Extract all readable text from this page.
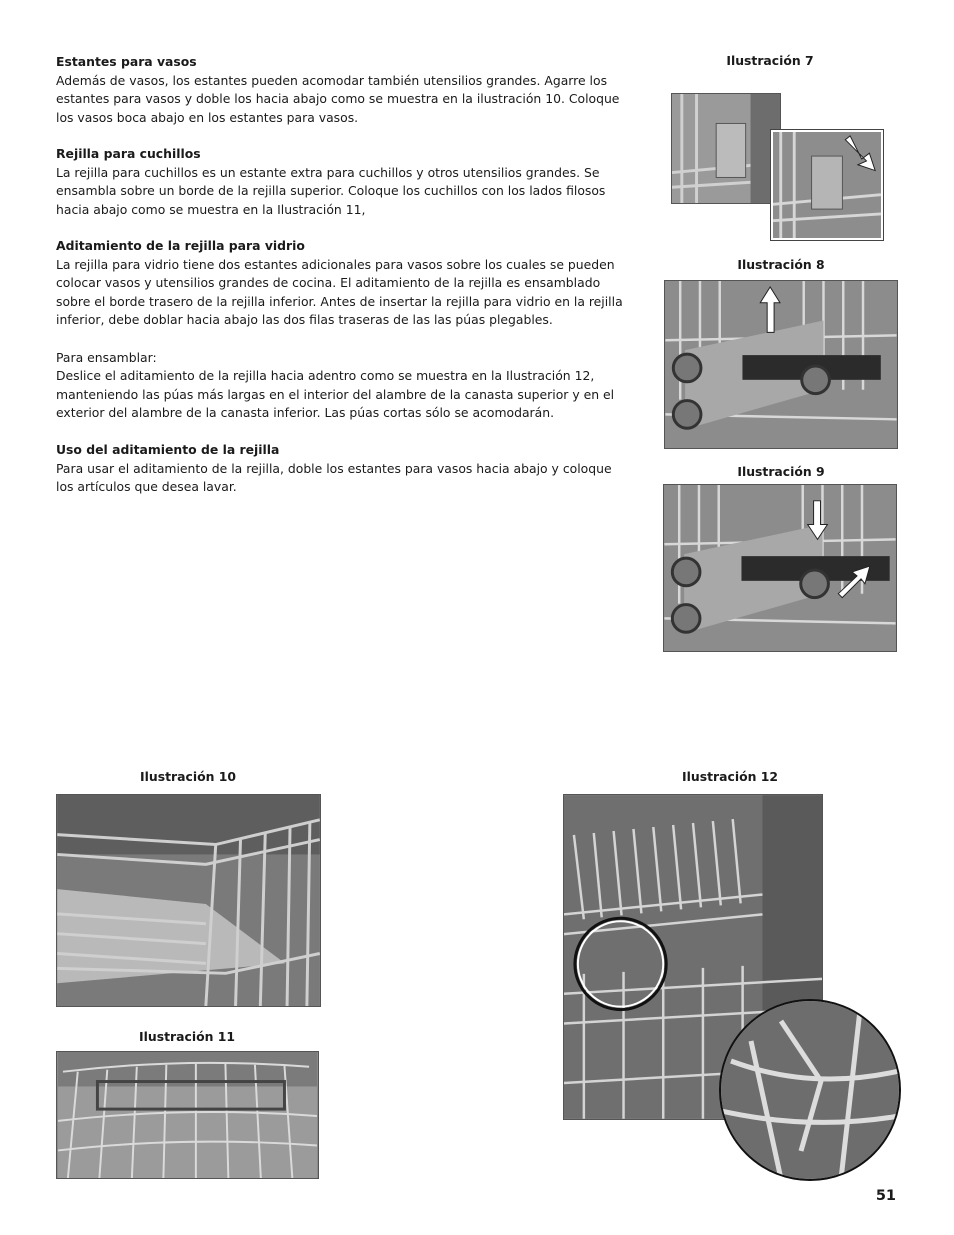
Estantes para vasos

Además de vasos, los estantes pueden acomodar también utensilios grandes. Agarre los

estantes para vasos y doble los hacia abajo como se muestra en la ilustración 10. Coloque

los vasos boca abajo en los estantes para vasos.

Rejilla para cuchillos

La rejilla para cuchillos es un estante extra para cuchillos y otros utensilios grandes. Se

ensambla sobre un borde de la rejilla superior. Coloque los cuchillos con los lados filosos

hacia abajo como se muestra en la Ilustración 11,

Aditamiento de la rejilla para vidrio

La rejilla para vidrio tiene dos estantes adicionales para vasos sobre los cuales se pueden

colocar vasos y utensilios grandes de cocina. El aditamiento de la rejilla es ensamblado

sobre el borde trasero de la rejilla inferior. Antes de insertar la rejilla para vidrio en la rejilla

inferior, debe doblar hacia abajo las dos filas traseras de las las púas plegables.

Para ensamblar:

Deslice el aditamiento de la rejilla hacia adentro como se muestra en la Ilustración 12,

manteniendo las púas más largas en el interior del alambre de la canasta superior y en el

exterior del alambre de la canasta inferior. Las púas cortas sólo se acomodarán.

Uso del aditamiento de la rejilla

Para usar el aditamiento de la rejilla, doble los estantes para vasos hacia abajo y coloque

los artículos que desea lavar.

Ilustración 7
Ilustración 8
Ilustración 9
Ilustración 10
Ilustración 11
Ilustración 12
51
